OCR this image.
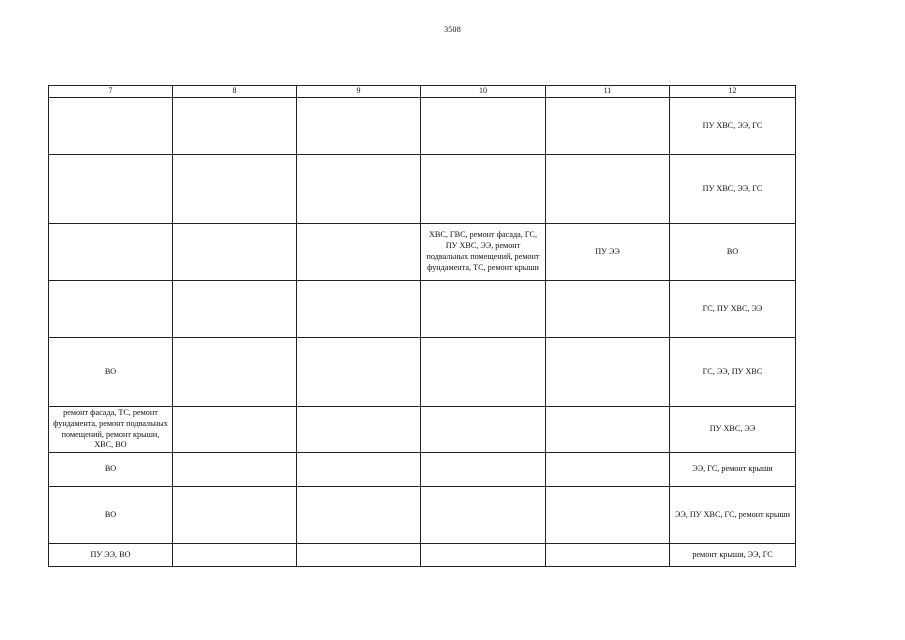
3508
7	8	9	10	11	12
					ПУ ХВС, ЭЭ, ГС
					ПУ ХВС, ЭЭ, ГС
			ХВС, ГВС, ремонт фасада, ГС, ПУ ХВС, ЭЭ, ремонт подвальных помещений, ремонт фундамента, ТС, ремонт крыши	ПУ ЭЭ	ВО
					ГС, ПУ ХВС, ЭЭ
ВО					ГС, ЭЭ, ПУ ХВС
ремонт фасада, ТС, ремонт фундамента, ремонт подвальных помещений, ремонт крыши, ХВС, ВО					ПУ ХВС, ЭЭ
ВО					ЭЭ, ГС, ремонт крыши
ВО					ЭЭ, ПУ ХВС, ГС, ремонт крыши
ПУ ЭЭ, ВО					ремонт крыши, ЭЭ, ГС
